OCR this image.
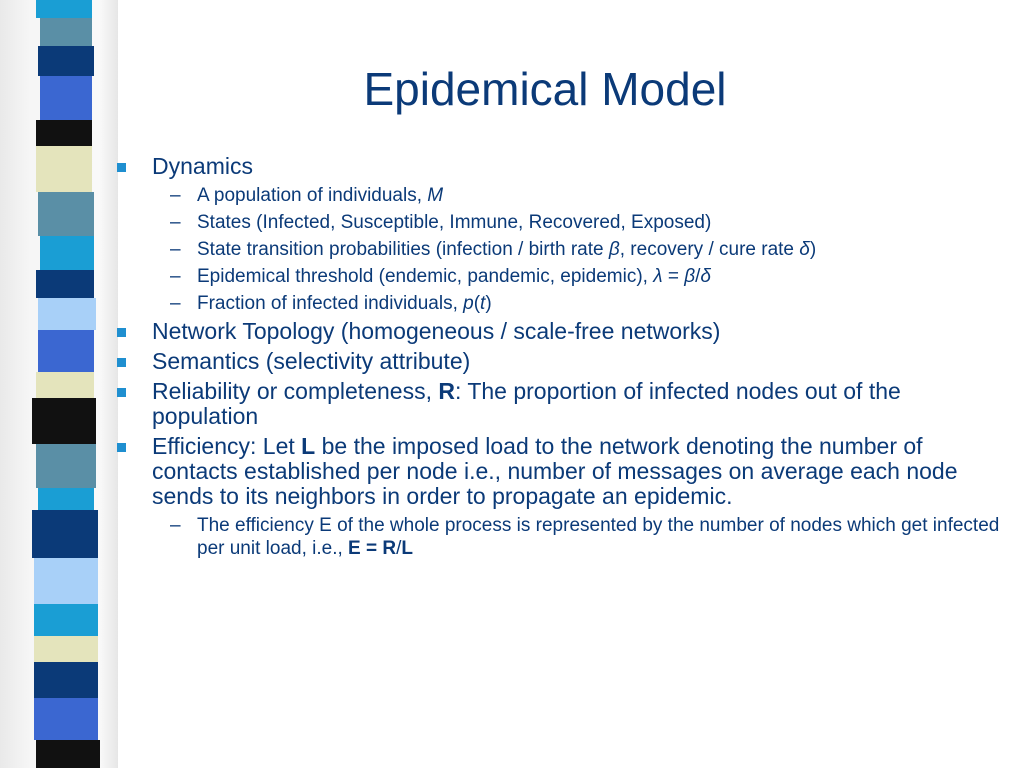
Epidemical Model
Dynamics
– A population of individuals, M
– States (Infected, Susceptible, Immune, Recovered, Exposed)
– State transition probabilities (infection / birth rate β, recovery / cure rate δ)
– Epidemical threshold (endemic, pandemic, epidemic), λ = β/δ
– Fraction of infected individuals, p(t)
Network Topology (homogeneous / scale-free networks)
Semantics (selectivity attribute)
Reliability or completeness, R: The proportion of infected nodes out of the population
Efficiency: Let L be the imposed load to the network denoting the number of contacts established per node i.e., number of messages on average each node sends to its neighbors in order to propagate an epidemic.
– The efficiency E of the whole process is represented by the number of nodes which get infected per unit load, i.e., E = R/L
